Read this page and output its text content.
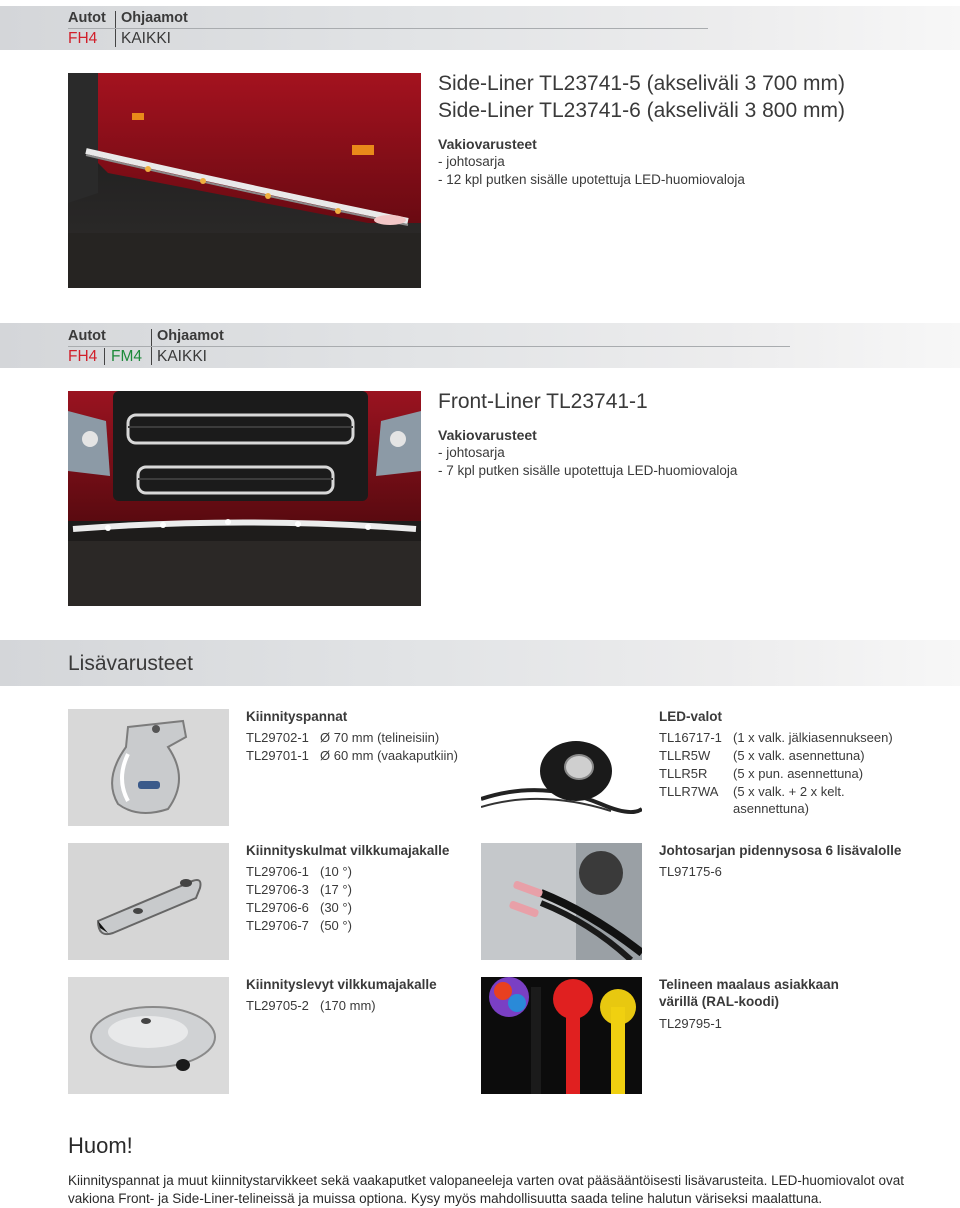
Autot Ohjaamot
FH4 KAIKKI
Side-Liner TL23741-5 (akseliväli 3 700 mm)
Side-Liner TL23741-6 (akseliväli 3 800 mm)
Vakiovarusteet
- johtosarja
- 12 kpl putken sisälle upotettuja LED-huomiovaloja
Autot	Ohjaamot
FH4 FM4 KAIKKI
Front-Liner TL23741-1
Vakiovarusteet
- johtosarja
- 7 kpl putken sisälle upotettuja LED-huomiovaloja
Lisävarusteet
Kiinnityspannat
TL29702-1 Ø 70 mm (telineisiin)
TL29701-1 Ø 60 mm (vaakaputkiin)
LED-valot
TL16717-1 (1 x valk. jälkiasennukseen)
TLLR5W (5 x valk. asennettuna)
TLLR5R (5 x pun. asennettuna)
TLLR7WA (5 x valk. + 2 x kelt.
asennettuna)
Kiinnityskulmat vilkkumajakalle
TL29706-1 (10 °)
TL29706-3 (17 °)
TL29706-6 (30 °)
TL29706-7 (50 °)
Johtosarjan pidennysosa 6 lisävalolle
TL97175-6
Kiinnityslevyt vilkkumajakalle
TL29705-2 (170 mm)
Telineen maalaus asiakkaan värillä (RAL-koodi)
TL29795-1
Huom!
Kiinnityspannat ja muut kiinnitystarvikkeet sekä vaakaputket valopaneeleja varten ovat pääsääntöisesti lisävarusteita. LED-huomiovalot ovat vakiona Front- ja Side-Liner-telineissä ja muissa optiona. Kysy myös mahdollisuutta saada teline halutun väriseksi maalattuna.
